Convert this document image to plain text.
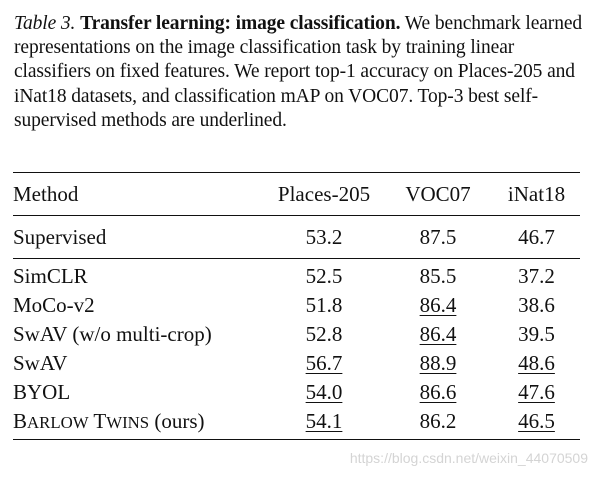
Table 3. Transfer learning: image classification. We benchmark learned representations on the image classification task by training linear classifiers on fixed features. We report top-1 accuracy on Places-205 and iNat18 datasets, and classification mAP on VOC07. Top-3 best self-supervised methods are underlined.
Method	Places-205	VOC07	iNat18
Supervised	53.2	87.5	46.7
SimCLR	52.5	85.5	37.2
MoCo-v2	51.8	86.4	38.6
SwAV (w/o multi-crop)	52.8	86.4	39.5
SwAV	56.7	88.9	48.6
BYOL	54.0	86.6	47.6
BARLOW TWINS (ours)	54.1	86.2	46.5
https://blog.csdn.net/weixin_44070509
